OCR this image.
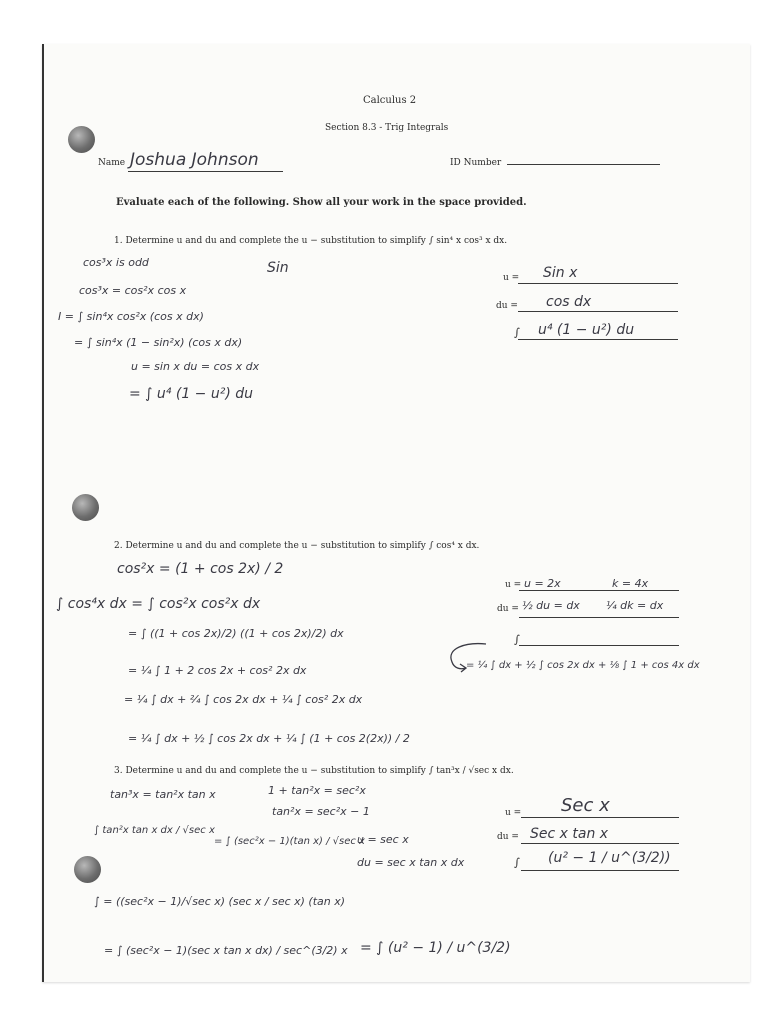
Calculus 2
Section 8.3 - Trig Integrals
Name Joshua Johnson	ID Number
Evaluate each of the following. Show all your work in the space provided.
1. Determine u and du and complete the u − substitution to simplify ∫ sin⁴ x cos³ x dx.
cos³x is odd	Sin
cos³x = cos²x cos x
I = ∫ sin⁴x cos²x (cos x dx)
= ∫ sin⁴x (1 − sin²x) (cos x dx)
u = sin x du = cos x dx
= ∫ u⁴ (1 − u²) du
u = Sin x
du = cos dx
∫ u⁴ (1 − u²) du
2. Determine u and du and complete the u − substitution to simplify ∫ cos⁴ x dx.
cos²x = (1 + cos 2x) / 2
∫ cos⁴x dx = ∫ cos²x cos²x dx
= ∫ ((1 + cos 2x)/2) ((1 + cos 2x)/2) dx
= ¼ ∫ 1 + 2 cos 2x + cos² 2x dx
= ¼ ∫ dx + ²⁄₄ ∫ cos 2x dx + ¼ ∫ cos² 2x dx
= ¼ ∫ dx + ½ ∫ cos 2x dx + ¼ ∫ (1 + cos 2(2x)) / 2
= ¼ ∫ dx + ½ ∫ cos 2x dx + ⅛ ∫ 1 + cos 4x dx
u = u = 2x	k = 4x
du = ½ du = dx ¼ dk = dx
∫
3. Determine u and du and complete the u − substitution to simplify ∫ tan³x / √sec x dx.
tan³x = tan²x tan x	1 + tan²x = sec²x
tan²x = sec²x − 1
∫ tan²x tan x dx / √sec x
= ∫ (sec²x − 1)(tan x) / √sec x
u = sec x
du = sec x tan x dx
∫ = ((sec²x − 1)/√sec x) (sec x / sec x) (tan x)
= ∫ (sec²x − 1)(sec x tan x dx) / sec^(3/2) x = ∫ (u² − 1) / u^(3/2)
u = Sec x
du = Sec x tan x
∫ (u² − 1 / u^(3/2))
